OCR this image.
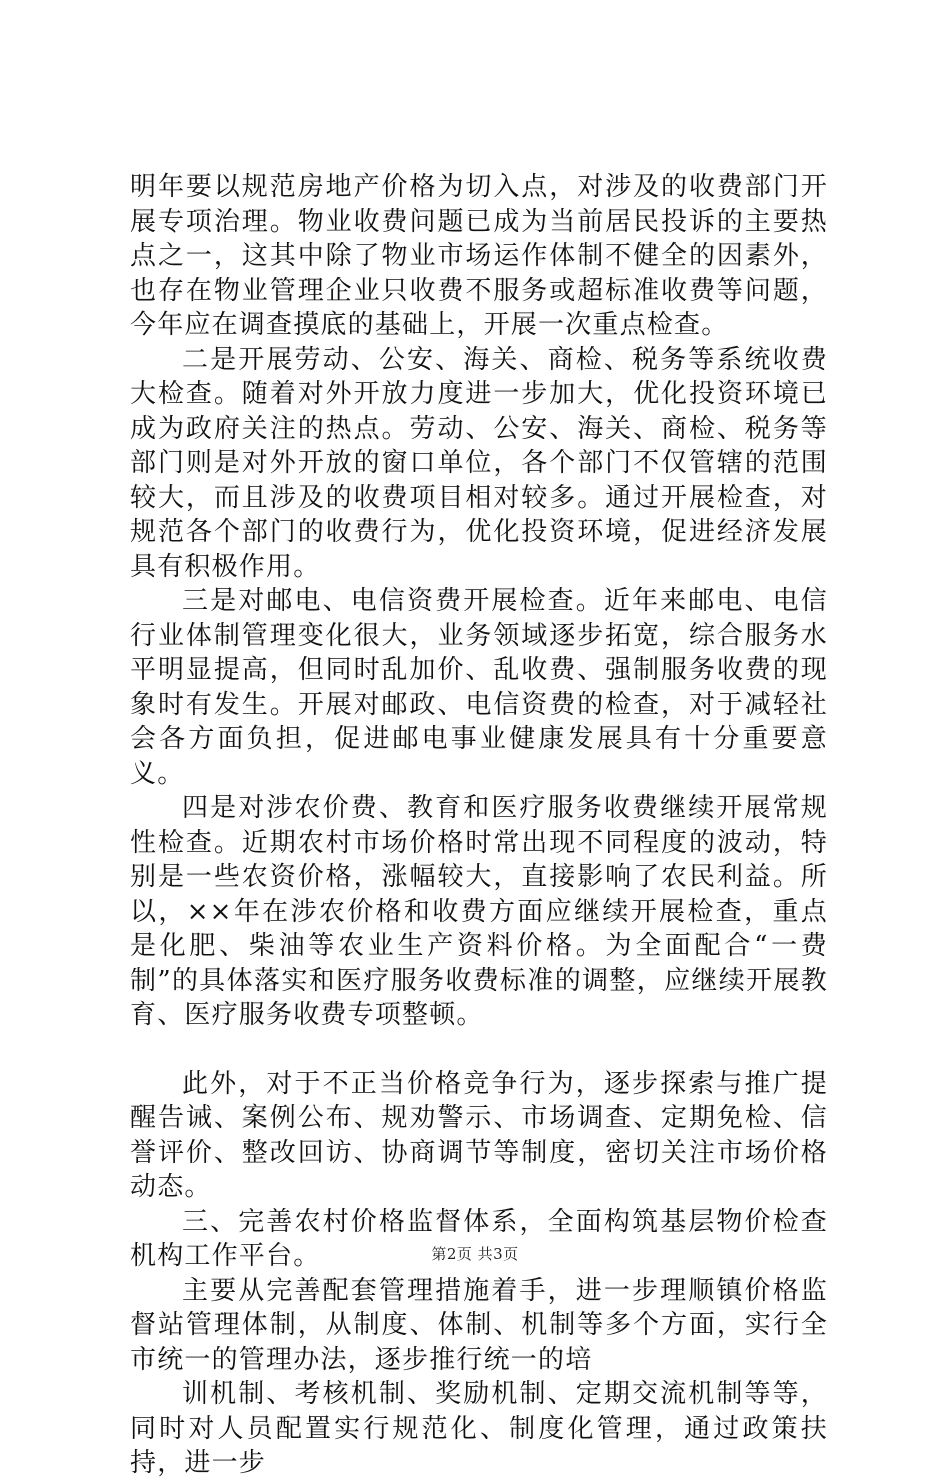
明年要以规范房地产价格为切入点，对涉及的收费部门开展专项治理。物业收费问题已成为当前居民投诉的主要热点之一，这其中除了物业市场运作体制不健全的因素外，也存在物业管理企业只收费不服务或超标准收费等问题，今年应在调查摸底的基础上，开展一次重点检查。

二是开展劳动、公安、海关、商检、税务等系统收费大检查。随着对外开放力度进一步加大，优化投资环境已成为政府关注的热点。劳动、公安、海关、商检、税务等部门则是对外开放的窗口单位，各个部门不仅管辖的范围较大，而且涉及的收费项目相对较多。通过开展检查，对规范各个部门的收费行为，优化投资环境，促进经济发展具有积极作用。

三是对邮电、电信资费开展检查。近年来邮电、电信行业体制管理变化很大，业务领域逐步拓宽，综合服务水平明显提高，但同时乱加价、乱收费、强制服务收费的现象时有发生。开展对邮政、电信资费的检查，对于减轻社会各方面负担，促进邮电事业健康发展具有十分重要意义。

四是对涉农价费、教育和医疗服务收费继续开展常规性检查。近期农村市场价格时常出现不同程度的波动，特别是一些农资价格，涨幅较大，直接影响了农民利益。所以，××年在涉农价格和收费方面应继续开展检查，重点是化肥、柴油等农业生产资料价格。为全面配合“一费制”的具体落实和医疗服务收费标准的调整，应继续开展教育、医疗服务收费专项整顿。

此外，对于不正当价格竞争行为，逐步探索与推广提醒告诫、案例公布、规劝警示、市场调查、定期免检、信誉评价、整改回访、协商调节等制度，密切关注市场价格动态。

三、完善农村价格监督体系，全面构筑基层物价检查机构工作平台。

主要从完善配套管理措施着手，进一步理顺镇价格监督站管理体制，从制度、体制、机制等多个方面，实行全市统一的管理办法，逐步推行统一的培

训机制、考核机制、奖励机制、定期交流机制等等，同时对人员配置实行规范化、制度化管理，通过政策扶持，进一步

第2页 共3页
